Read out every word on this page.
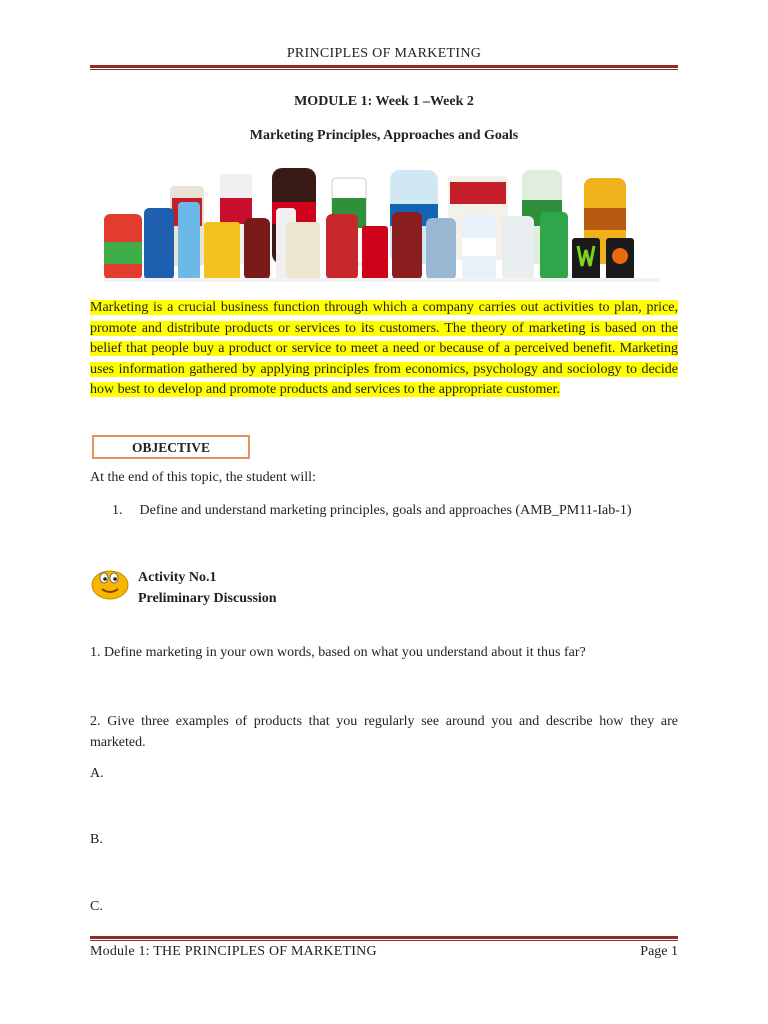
PRINCIPLES OF MARKETING
MODULE 1: Week 1 –Week 2
Marketing Principles, Approaches and Goals
Marketing is a crucial business function through which a company carries out activities to plan, price, promote and distribute products or services to its customers. The theory of marketing is based on the belief that people buy a product or service to meet a need or because of a perceived benefit. Marketing uses information gathered by applying principles from economics, psychology and sociology to decide how best to develop and promote products and services to the appropriate customer.
OBJECTIVE
At the end of this topic, the student will:
1. Define and understand marketing principles, goals and approaches (AMB_PM11-Iab-1)
Activity No.1
Preliminary Discussion
1. Define marketing in your own words, based on what you understand about it thus far?
2. Give three examples of products that you regularly see around you and describe how they are marketed.
A.
B.
C.
Module 1: THE PRINCIPLES OF MARKETING	Page 1
